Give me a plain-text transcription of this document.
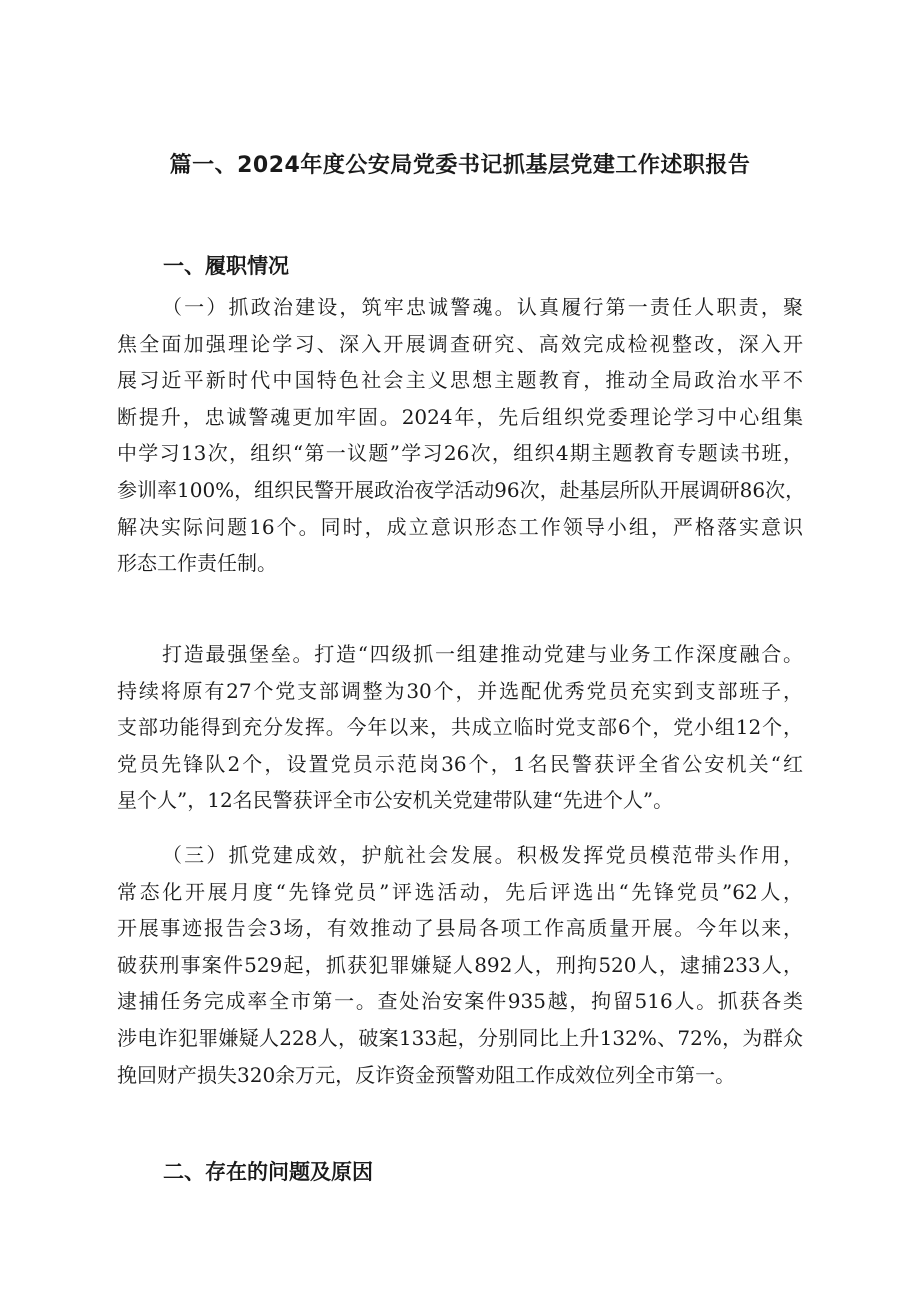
篇一、2024年度公安局党委书记抓基层党建工作述职报告
一、履职情况
（一）抓政治建设，筑牢忠诚警魂。认真履行第一责任人职责，聚
焦全面加强理论学习、深入开展调查研究、高效完成检视整改，深入开
展习近平新时代中国特色社会主义思想主题教育，推动全局政治水平不
断提升，忠诚警魂更加牢固。2024年，先后组织党委理论学习中心组集
中学习13次，组织“第一议题”学习26次，组织4期主题教育专题读书班，
参训率100%，组织民警开展政治夜学活动96次，赴基层所队开展调研86次，
解决实际问题16个。同时，成立意识形态工作领导小组，严格落实意识
形态工作责任制。
打造最强堡垒。打造“四级抓一组建推动党建与业务工作深度融合。
持续将原有27个党支部调整为30个，并选配优秀党员充实到支部班子，
支部功能得到充分发挥。今年以来，共成立临时党支部6个，党小组12个，
党员先锋队2个，设置党员示范岗36个，1名民警获评全省公安机关“红
星个人”，12名民警获评全市公安机关党建带队建“先进个人”。
（三）抓党建成效，护航社会发展。积极发挥党员模范带头作用，
常态化开展月度“先锋党员”评选活动，先后评选出“先锋党员”62人，
开展事迹报告会3场，有效推动了县局各项工作高质量开展。今年以来，
破获刑事案件529起，抓获犯罪嫌疑人892人，刑拘520人，逮捕233人，
逮捕任务完成率全市第一。查处治安案件935越，拘留516人。抓获各类
涉电诈犯罪嫌疑人228人，破案133起，分别同比上升132%、72%，为群众
挽回财产损失320余万元，反诈资金预警劝阻工作成效位列全市第一。
二、存在的问题及原因
